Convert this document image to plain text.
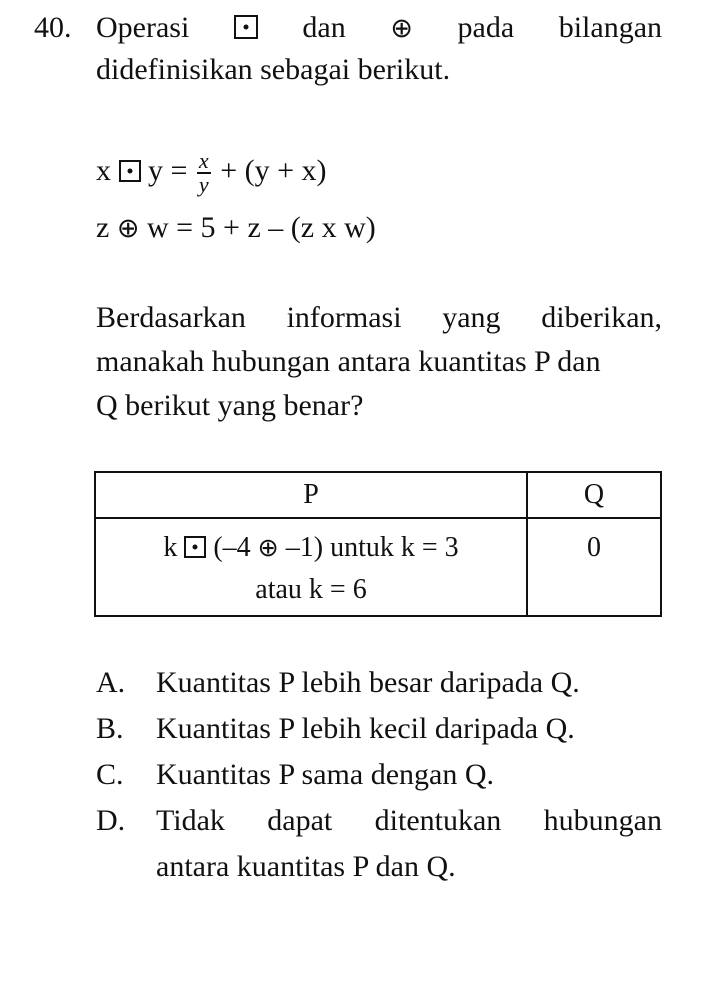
40. Operasi	dan ⊕ pada bilangan
didefinisikan sebagai berikut.
x $y = \frac{x}{y} + (y + x)$
z ⊕ w = 5 + z – (z x w)
Berdasarkan informasi yang diberikan,
manakah hubungan antara kuantitas P dan
Q berikut yang benar?
P	Q

k (–4 ⊕ –1) untuk k = 3
atau k = 6	0
A.	Kuantitas P lebih besar daripada Q.
B.	Kuantitas P lebih kecil daripada Q.
C.	Kuantitas P sama dengan Q.
D.	Tidak dapat ditentukan hubungan
antara kuantitas P dan Q.
